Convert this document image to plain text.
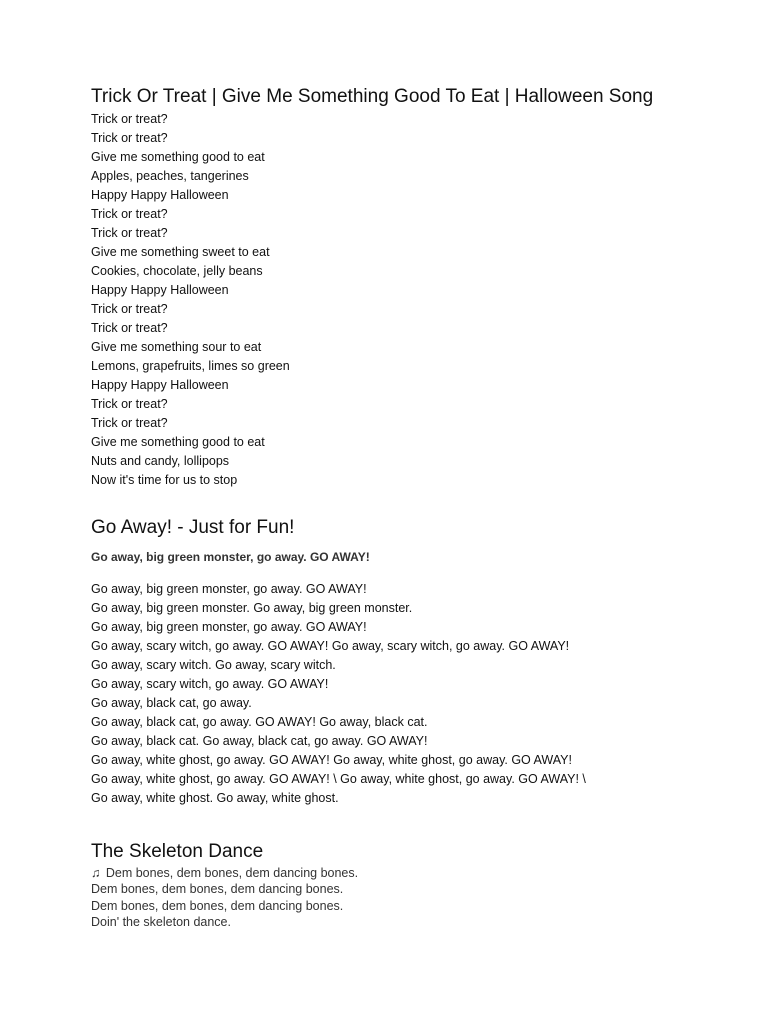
Trick Or Treat | Give Me Something Good To Eat | Halloween Song
Trick or treat?
Trick or treat?
Give me something good to eat
Apples, peaches, tangerines
Happy Happy Halloween
Trick or treat?
Trick or treat?
Give me something sweet to eat
Cookies, chocolate, jelly beans
Happy Happy Halloween
Trick or treat?
Trick or treat?
Give me something sour to eat
Lemons, grapefruits, limes so green
Happy Happy Halloween
Trick or treat?
Trick or treat?
Give me something good to eat
Nuts and candy, lollipops
Now it's time for us to stop
Go Away! - Just for Fun!
Go away, big green monster, go away. GO AWAY!
Go away, big green monster, go away. GO AWAY!
Go away, big green monster. Go away, big green monster.
Go away, big green monster, go away. GO AWAY!
Go away, scary witch, go away. GO AWAY! Go away, scary witch, go away. GO AWAY!
Go away, scary witch. Go away, scary witch.
Go away, scary witch, go away. GO AWAY!
Go away, black cat, go away.
Go away, black cat, go away. GO AWAY! Go away, black cat.
Go away, black cat. Go away, black cat, go away. GO AWAY!
Go away, white ghost, go away. GO AWAY! Go away, white ghost, go away. GO AWAY!
Go away, white ghost, go away. GO AWAY! \ Go away, white ghost, go away. GO AWAY! \
Go away, white ghost. Go away, white ghost.
The Skeleton Dance
♫ Dem bones, dem bones, dem dancing bones.
Dem bones, dem bones, dem dancing bones.
Dem bones, dem bones, dem dancing bones.
Doin' the skeleton dance.
